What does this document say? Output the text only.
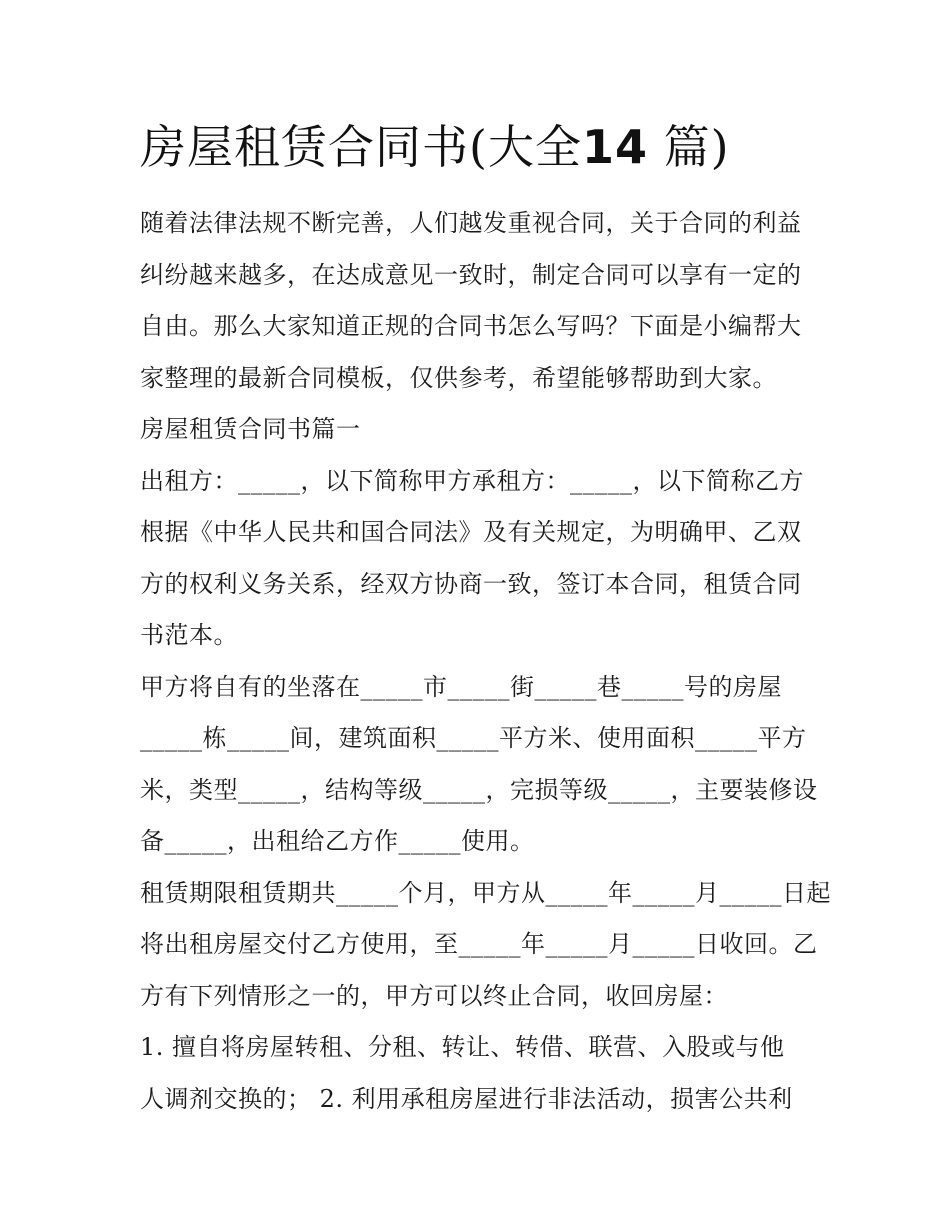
房屋租赁合同书(大全14 篇)
随着法律法规不断完善，人们越发重视合同，关于合同的利益
纠纷越来越多，在达成意见一致时，制定合同可以享有一定的
自由。那么大家知道正规的合同书怎么写吗？下面是小编帮大
家整理的最新合同模板，仅供参考，希望能够帮助到大家。
房屋租赁合同书篇一
出租方：_____，以下简称甲方承租方：_____，以下简称乙方
根据《中华人民共和国合同法》及有关规定，为明确甲、乙双
方的权利义务关系，经双方协商一致，签订本合同，租赁合同
书范本。
甲方将自有的坐落在_____市_____街_____巷_____号的房屋
_____栋_____间，建筑面积_____平方米、使用面积_____平方
米，类型_____，结构等级_____，完损等级_____，主要装修设
备_____，出租给乙方作_____使用。
租赁期限租赁期共_____个月，甲方从_____年_____月_____日起
将出租房屋交付乙方使用，至_____年_____月_____日收回。乙
方有下列情形之一的，甲方可以终止合同，收回房屋：
1. 擅自将房屋转租、分租、转让、转借、联营、入股或与他
人调剂交换的； 2. 利用承租房屋进行非法活动，损害公共利
